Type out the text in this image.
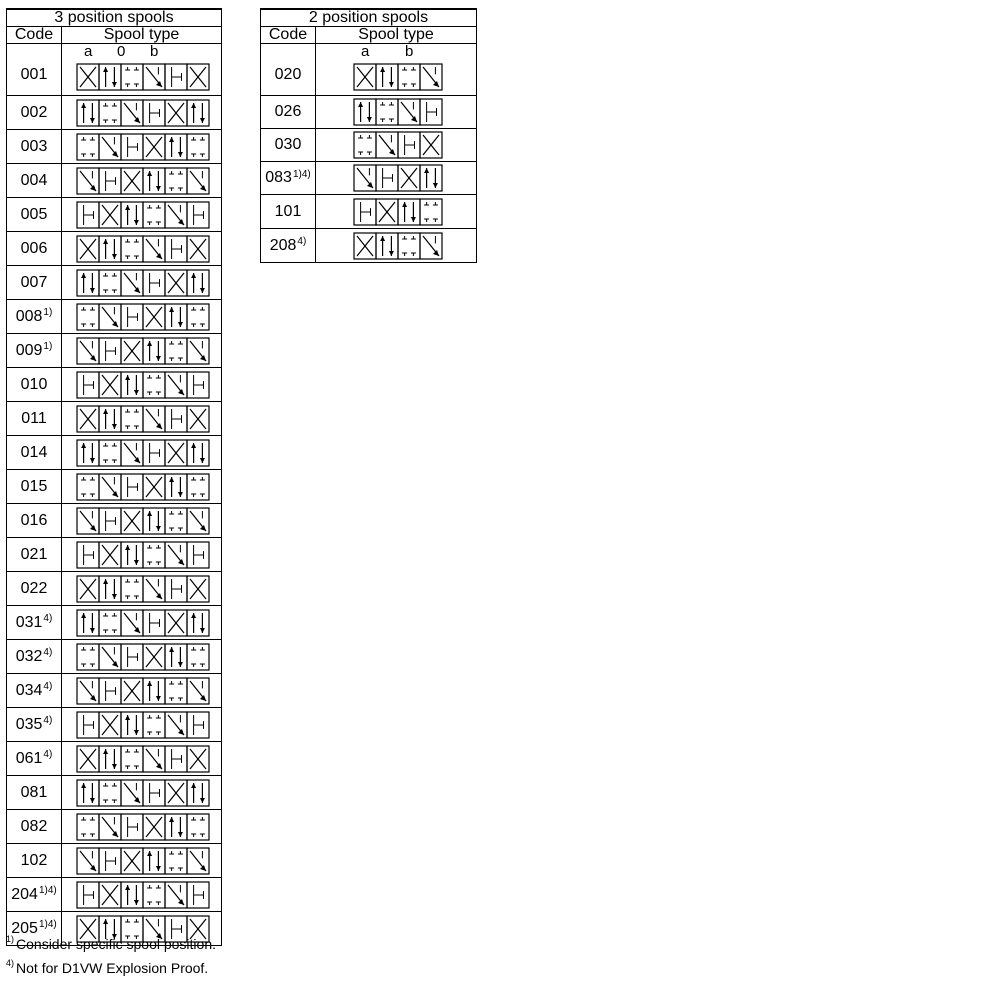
3 position spools
Code	Spool type
001
a 0 b
002
003
004
005
006
007
008 $^{1)}$
009 $^{1)}$
010
011
014
015
016
021
022
031$^{4)}$
032$^{4)}$
034$^{4)}$
035$^{4)}$
061$^{4)}$
081
082
102
$204^{1)4)}$
$205^{1)4)}$
2 position spools
Code	Spool type
020
a b
026
030
$083^{1)4)}$
101
208$^{4)}$
$^{1)}$ Consider specific spool position.
$^{4)}$ Not for D1VW Explosion Proof.
